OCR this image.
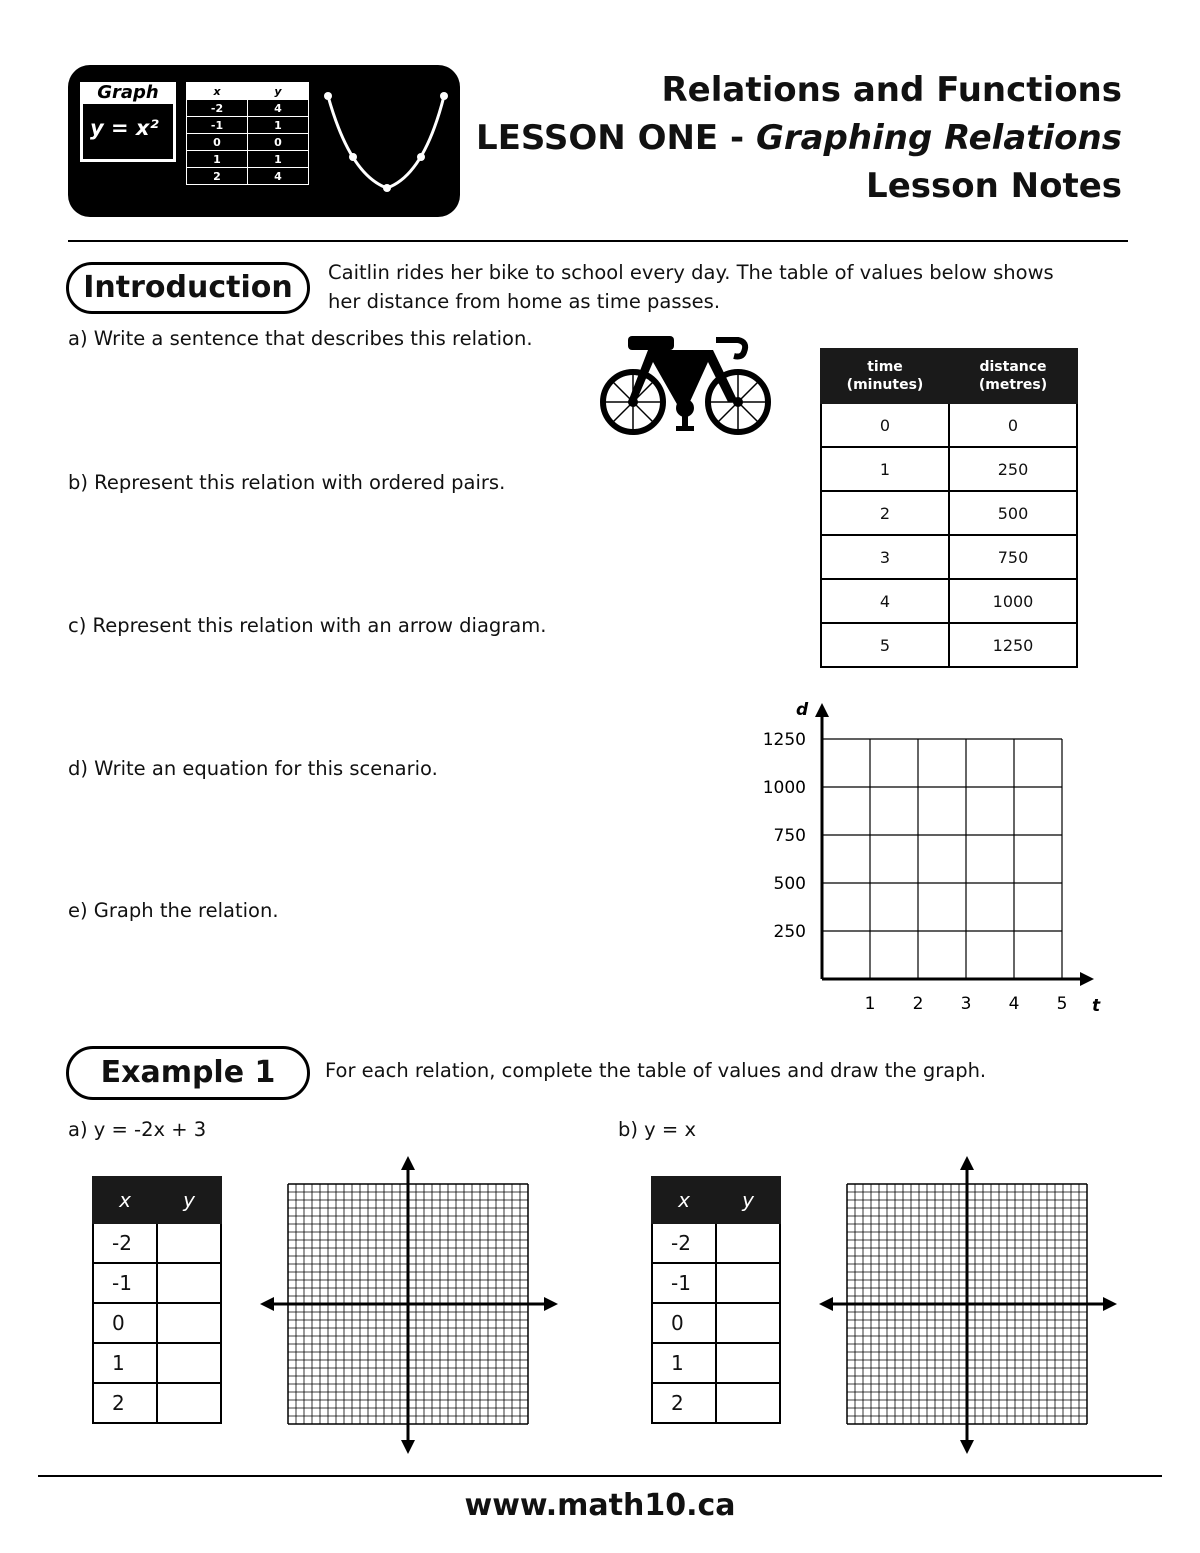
Graph
y = x²
x	y
-2	4
-1	1
0	0
1	1
2	4
Relations and Functions
LESSON ONE - Graphing Relations
Lesson Notes
Introduction	Caitlin rides her bike to school every day. The table of values below shows
her distance from home as time passes.
a) Write a sentence that describes this relation.
b) Represent this relation with ordered pairs.
c) Represent this relation with an arrow diagram.
d) Write an equation for this scenario.
e) Graph the relation.
time
(minutes)	distance
(metres)
0	0
1	250
2	500
3	750
4	1000
5	1250
d
t
1250
1000
750
500
250
1 2 3 4 5
Example 1	For each relation, complete the table of values and draw the graph.
a) y = -2x + 3	b) y = x
x	y
-2	
-1	
0	
1	
2	
x	y
-2	
-1	
0	
1	
2	
www.math10.ca
